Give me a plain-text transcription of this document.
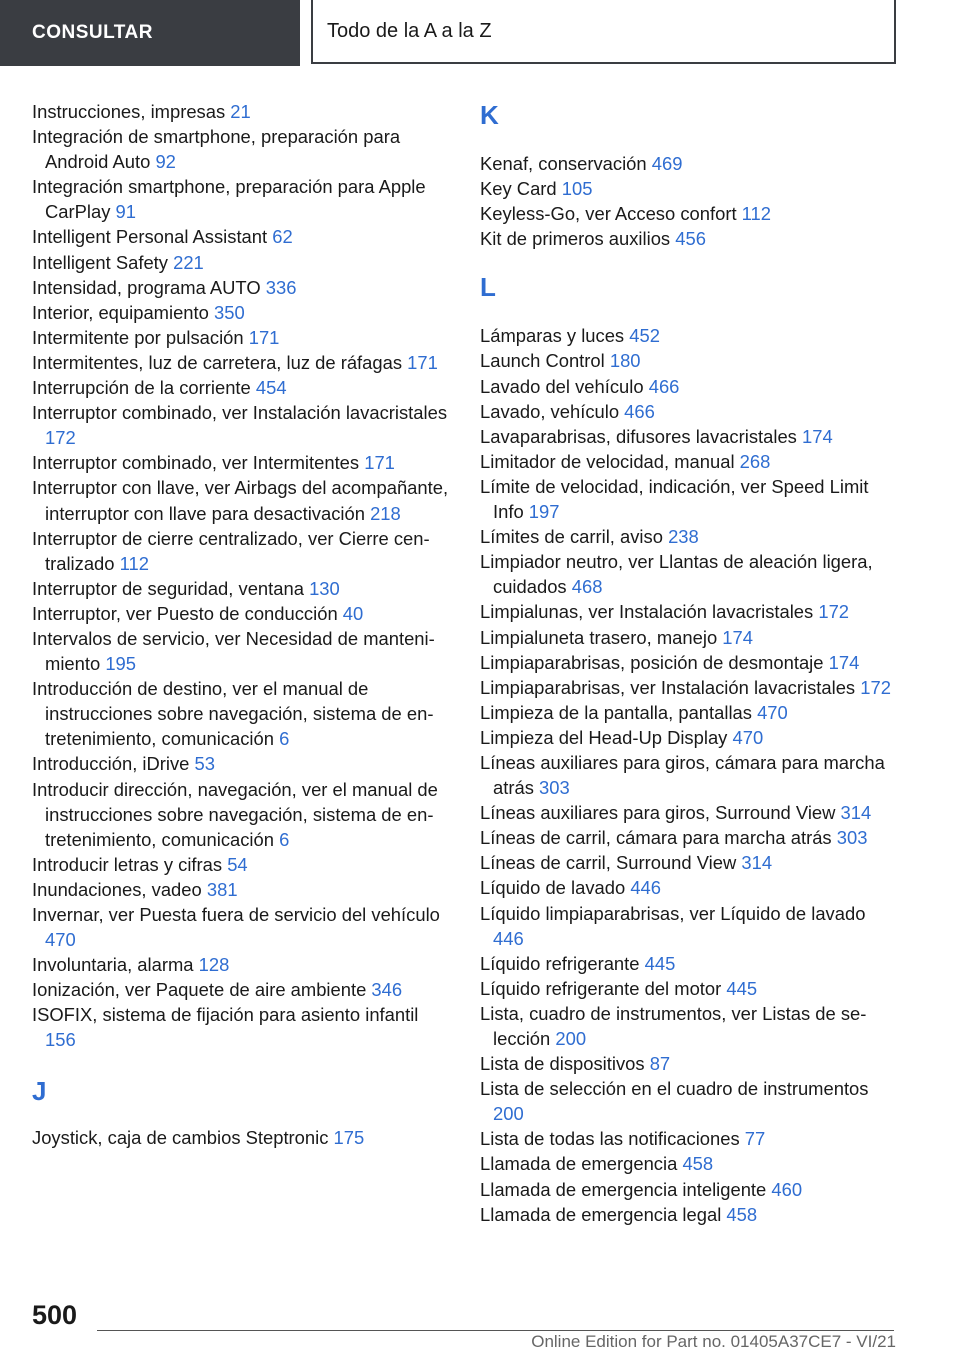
CONSULTAR	Todo de la A a la Z
Instrucciones, impresas 21
Integración de smartphone, preparación para Android Auto 92
Integración smartphone, preparación para Apple CarPlay 91
Intelligent Personal Assistant 62
Intelligent Safety 221
Intensidad, programa AUTO 336
Interior, equipamiento 350
Intermitente por pulsación 171
Intermitentes, luz de carretera, luz de ráfagas 171
Interrupción de la corriente 454
Interruptor combinado, ver Instalación lavacristales 172
Interruptor combinado, ver Intermitentes 171
Interruptor con llave, ver Airbags del acompañante, interruptor con llave para desactivación 218
Interruptor de cierre centralizado, ver Cierre centralizado 112
Interruptor de seguridad, ventana 130
Interruptor, ver Puesto de conducción 40
Intervalos de servicio, ver Necesidad de mantenimiento 195
Introducción de destino, ver el manual de instrucciones sobre navegación, sistema de entretenimiento, comunicación 6
Introducción, iDrive 53
Introducir dirección, navegación, ver el manual de instrucciones sobre navegación, sistema de entretenimiento, comunicación 6
Introducir letras y cifras 54
Inundaciones, vadeo 381
Invernar, ver Puesta fuera de servicio del vehículo 470
Involuntaria, alarma 128
Ionización, ver Paquete de aire ambiente 346
ISOFIX, sistema de fijación para asiento infantil 156
J
Joystick, caja de cambios Steptronic 175
K
Kenaf, conservación 469
Key Card 105
Keyless-Go, ver Acceso confort 112
Kit de primeros auxilios 456
L
Lámparas y luces 452
Launch Control 180
Lavado del vehículo 466
Lavado, vehículo 466
Lavaparabrisas, difusores lavacristales 174
Limitador de velocidad, manual 268
Límite de velocidad, indicación, ver Speed Limit Info 197
Límites de carril, aviso 238
Limpiador neutro, ver Llantas de aleación ligera, cuidados 468
Limpialunas, ver Instalación lavacristales 172
Limpialuneta trasero, manejo 174
Limpiaparabrisas, posición de desmontaje 174
Limpiaparabrisas, ver Instalación lavacristales 172
Limpieza de la pantalla, pantallas 470
Limpieza del Head-Up Display 470
Líneas auxiliares para giros, cámara para marcha atrás 303
Líneas auxiliares para giros, Surround View 314
Líneas de carril, cámara para marcha atrás 303
Líneas de carril, Surround View 314
Líquido de lavado 446
Líquido limpiaparabrisas, ver Líquido de lavado 446
Líquido refrigerante 445
Líquido refrigerante del motor 445
Lista, cuadro de instrumentos, ver Listas de selección 200
Lista de dispositivos 87
Lista de selección en el cuadro de instrumentos 200
Lista de todas las notificaciones 77
Llamada de emergencia 458
Llamada de emergencia inteligente 460
Llamada de emergencia legal 458
500
Online Edition for Part no. 01405A37CE7 - VI/21
